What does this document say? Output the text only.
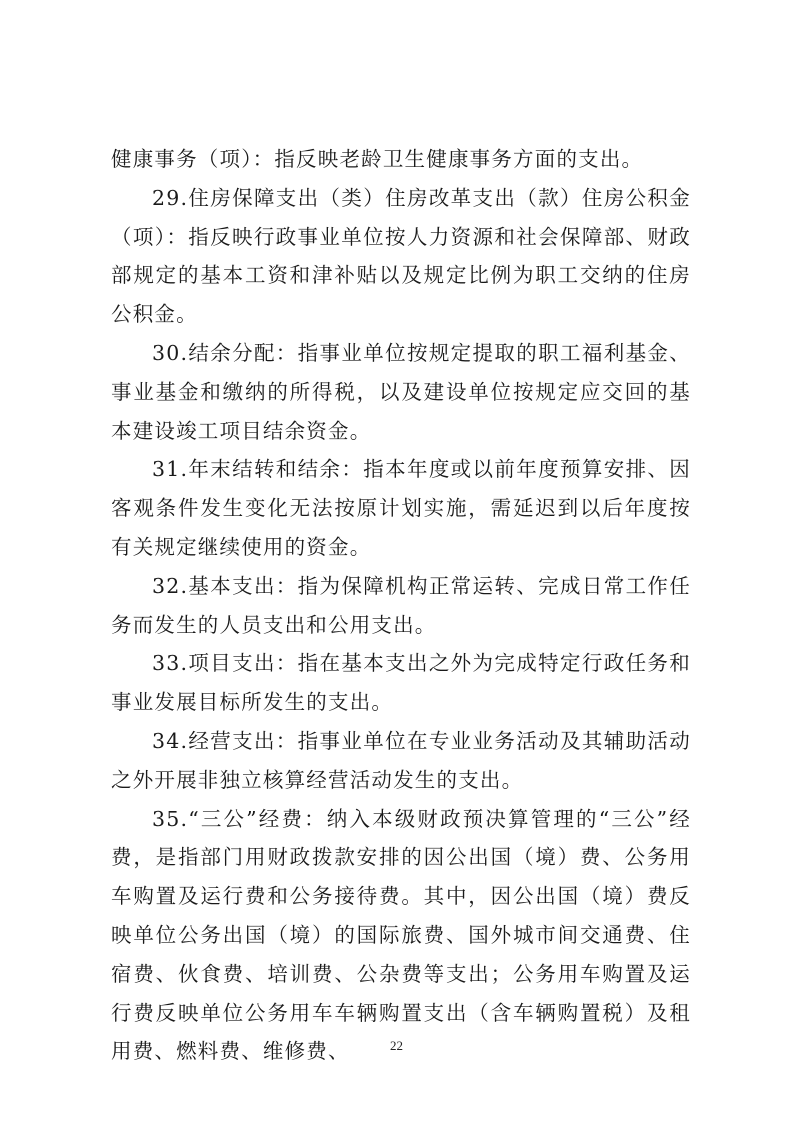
健康事务（项）：指反映老龄卫生健康事务方面的支出。

29.住房保障支出（类）住房改革支出（款）住房公积金（项）：指反映行政事业单位按人力资源和社会保障部、财政部规定的基本工资和津补贴以及规定比例为职工交纳的住房公积金。

30.结余分配：指事业单位按规定提取的职工福利基金、事业基金和缴纳的所得税，以及建设单位按规定应交回的基本建设竣工项目结余资金。

31.年末结转和结余：指本年度或以前年度预算安排、因客观条件发生变化无法按原计划实施，需延迟到以后年度按有关规定继续使用的资金。

32.基本支出：指为保障机构正常运转、完成日常工作任务而发生的人员支出和公用支出。

33.项目支出：指在基本支出之外为完成特定行政任务和事业发展目标所发生的支出。

34.经营支出：指事业单位在专业业务活动及其辅助活动之外开展非独立核算经营活动发生的支出。

35.“三公”经费：纳入本级财政预决算管理的“三公”经费，是指部门用财政拨款安排的因公出国（境）费、公务用车购置及运行费和公务接待费。其中，因公出国（境）费反映单位公务出国（境）的国际旅费、国外城市间交通费、住宿费、伙食费、培训费、公杂费等支出；公务用车购置及运行费反映单位公务用车车辆购置支出（含车辆购置税）及租用费、燃料费、维修费、	22
